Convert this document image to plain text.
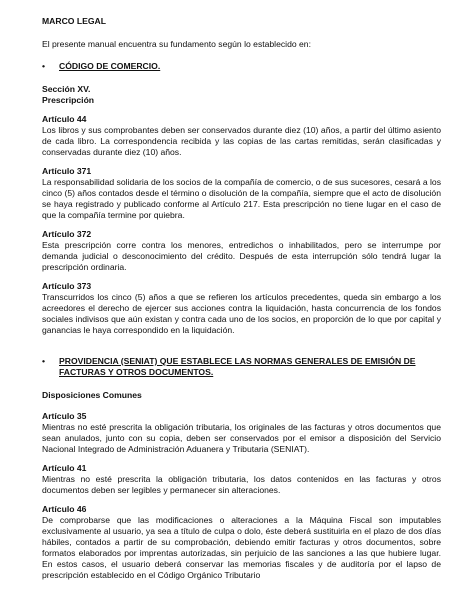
MARCO LEGAL

El presente manual encuentra su fundamento según lo establecido en:

•	CÓDIGO DE COMERCIO.

Sección XV.

Prescripción

Artículo 44

Los libros y sus comprobantes deben ser conservados durante diez (10) años, a partir del último asiento de cada libro. La correspondencia recibida y las copias de las cartas remitidas, serán clasificadas y conservadas durante diez (10) años.

Artículo 371

La responsabilidad solidaria de los socios de la compañía de comercio, o de sus sucesores, cesará a los cinco (5) años contados desde el término o disolución de la compañía, siempre que el acto de disolución se haya registrado y publicado conforme al Artículo 217. Esta prescripción no tiene lugar en el caso de que la compañía termine por quiebra.

Artículo 372

Esta prescripción corre contra los menores, entredichos o inhabilitados, pero se interrumpe por demanda judicial o desconocimiento del crédito. Después de esta interrupción sólo tendrá lugar la prescripción ordinaria.

Artículo 373

Transcurridos los cinco (5) años a que se refieren los artículos precedentes, queda sin embargo a los acreedores el derecho de ejercer sus acciones contra la liquidación, hasta concurrencia de los fondos sociales indivisos que aún existan y contra cada uno de los socios, en proporción de lo que por capital y ganancias le haya correspondido en la liquidación.

•	PROVIDENCIA (SENIAT) QUE ESTABLECE LAS NORMAS GENERALES DE EMISIÓN DE FACTURAS Y OTROS DOCUMENTOS.

Disposiciones Comunes

Artículo 35

Mientras no esté prescrita la obligación tributaria, los originales de las facturas y otros documentos que sean anulados, junto con su copia, deben ser conservados por el emisor a disposición del Servicio Nacional Integrado de Administración Aduanera y Tributaria (SENIAT).

Artículo 41

Mientras no esté prescrita la obligación tributaria, los datos contenidos en las facturas y otros documentos deben ser legibles y permanecer sin alteraciones.

Artículo 46

De comprobarse que las modificaciones o alteraciones a la Máquina Fiscal son imputables exclusivamente al usuario, ya sea a título de culpa o dolo, éste deberá sustituirla en el plazo de dos días hábiles, contados a partir de su comprobación, debiendo emitir facturas y otros documentos, sobre formatos elaborados por imprentas autorizadas, sin perjuicio de las sanciones a las que hubiere lugar. En estos casos, el usuario deberá conservar las memorias fiscales y de auditoría por el lapso de prescripción establecido en el Código Orgánico Tributario
